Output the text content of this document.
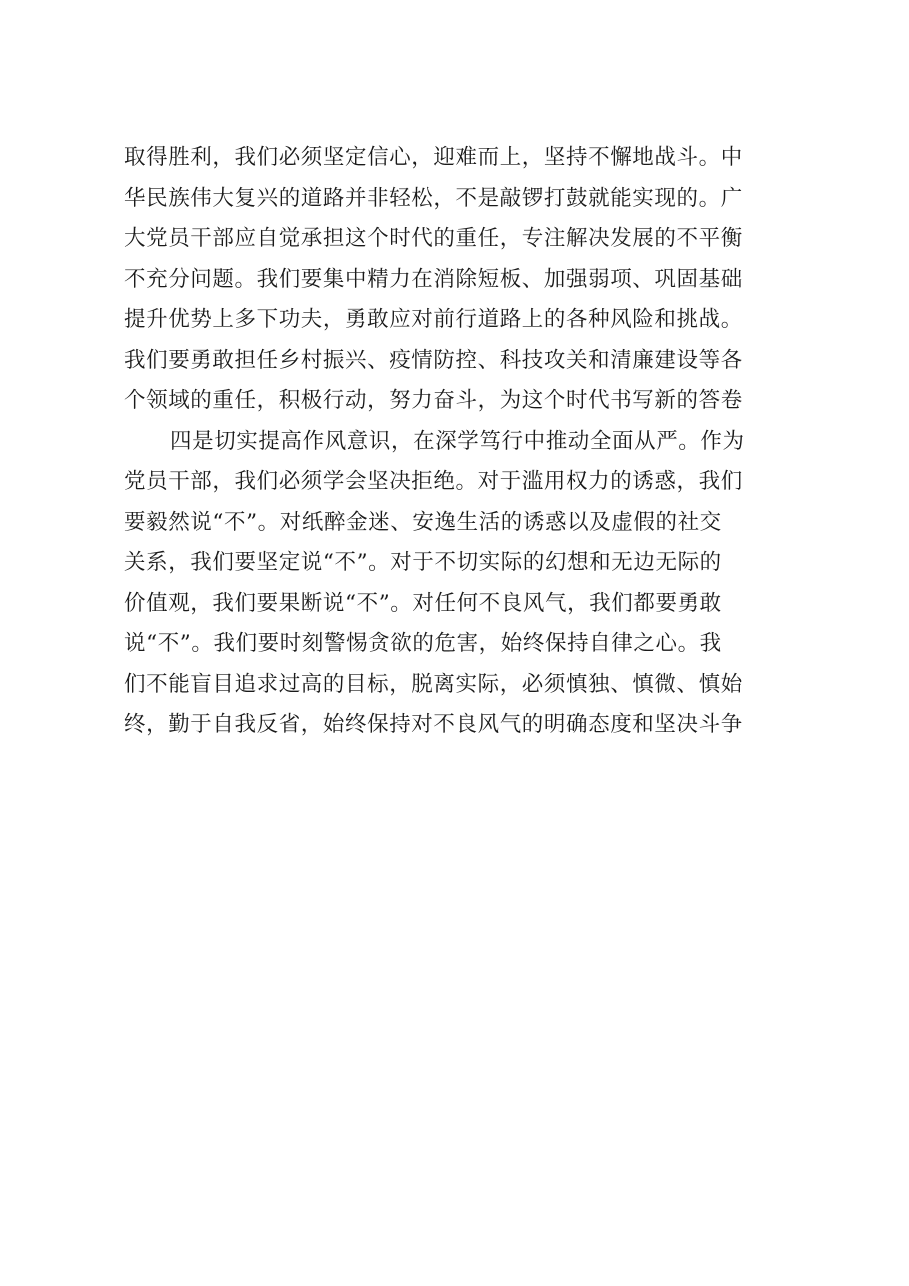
取得胜利，我们必须坚定信心，迎难而上，坚持不懈地战斗。中
华民族伟大复兴的道路并非轻松，不是敲锣打鼓就能实现的。广
大党员干部应自觉承担这个时代的重任，专注解决发展的不平衡
不充分问题。我们要集中精力在消除短板、加强弱项、巩固基础
提升优势上多下功夫，勇敢应对前行道路上的各种风险和挑战。
我们要勇敢担任乡村振兴、疫情防控、科技攻关和清廉建设等各
个领域的重任，积极行动，努力奋斗，为这个时代书写新的答卷
四是切实提高作风意识，在深学笃行中推动全面从严。作为
党员干部，我们必须学会坚决拒绝。对于滥用权力的诱惑，我们
要毅然说“不”。对纸醉金迷、安逸生活的诱惑以及虚假的社交
关系，我们要坚定说“不”。对于不切实际的幻想和无边无际的
价值观，我们要果断说“不”。对任何不良风气，我们都要勇敢
说“不”。我们要时刻警惕贪欲的危害，始终保持自律之心。我
们不能盲目追求过高的目标，脱离实际，必须慎独、慎微、慎始
终，勤于自我反省，始终保持对不良风气的明确态度和坚决斗争
